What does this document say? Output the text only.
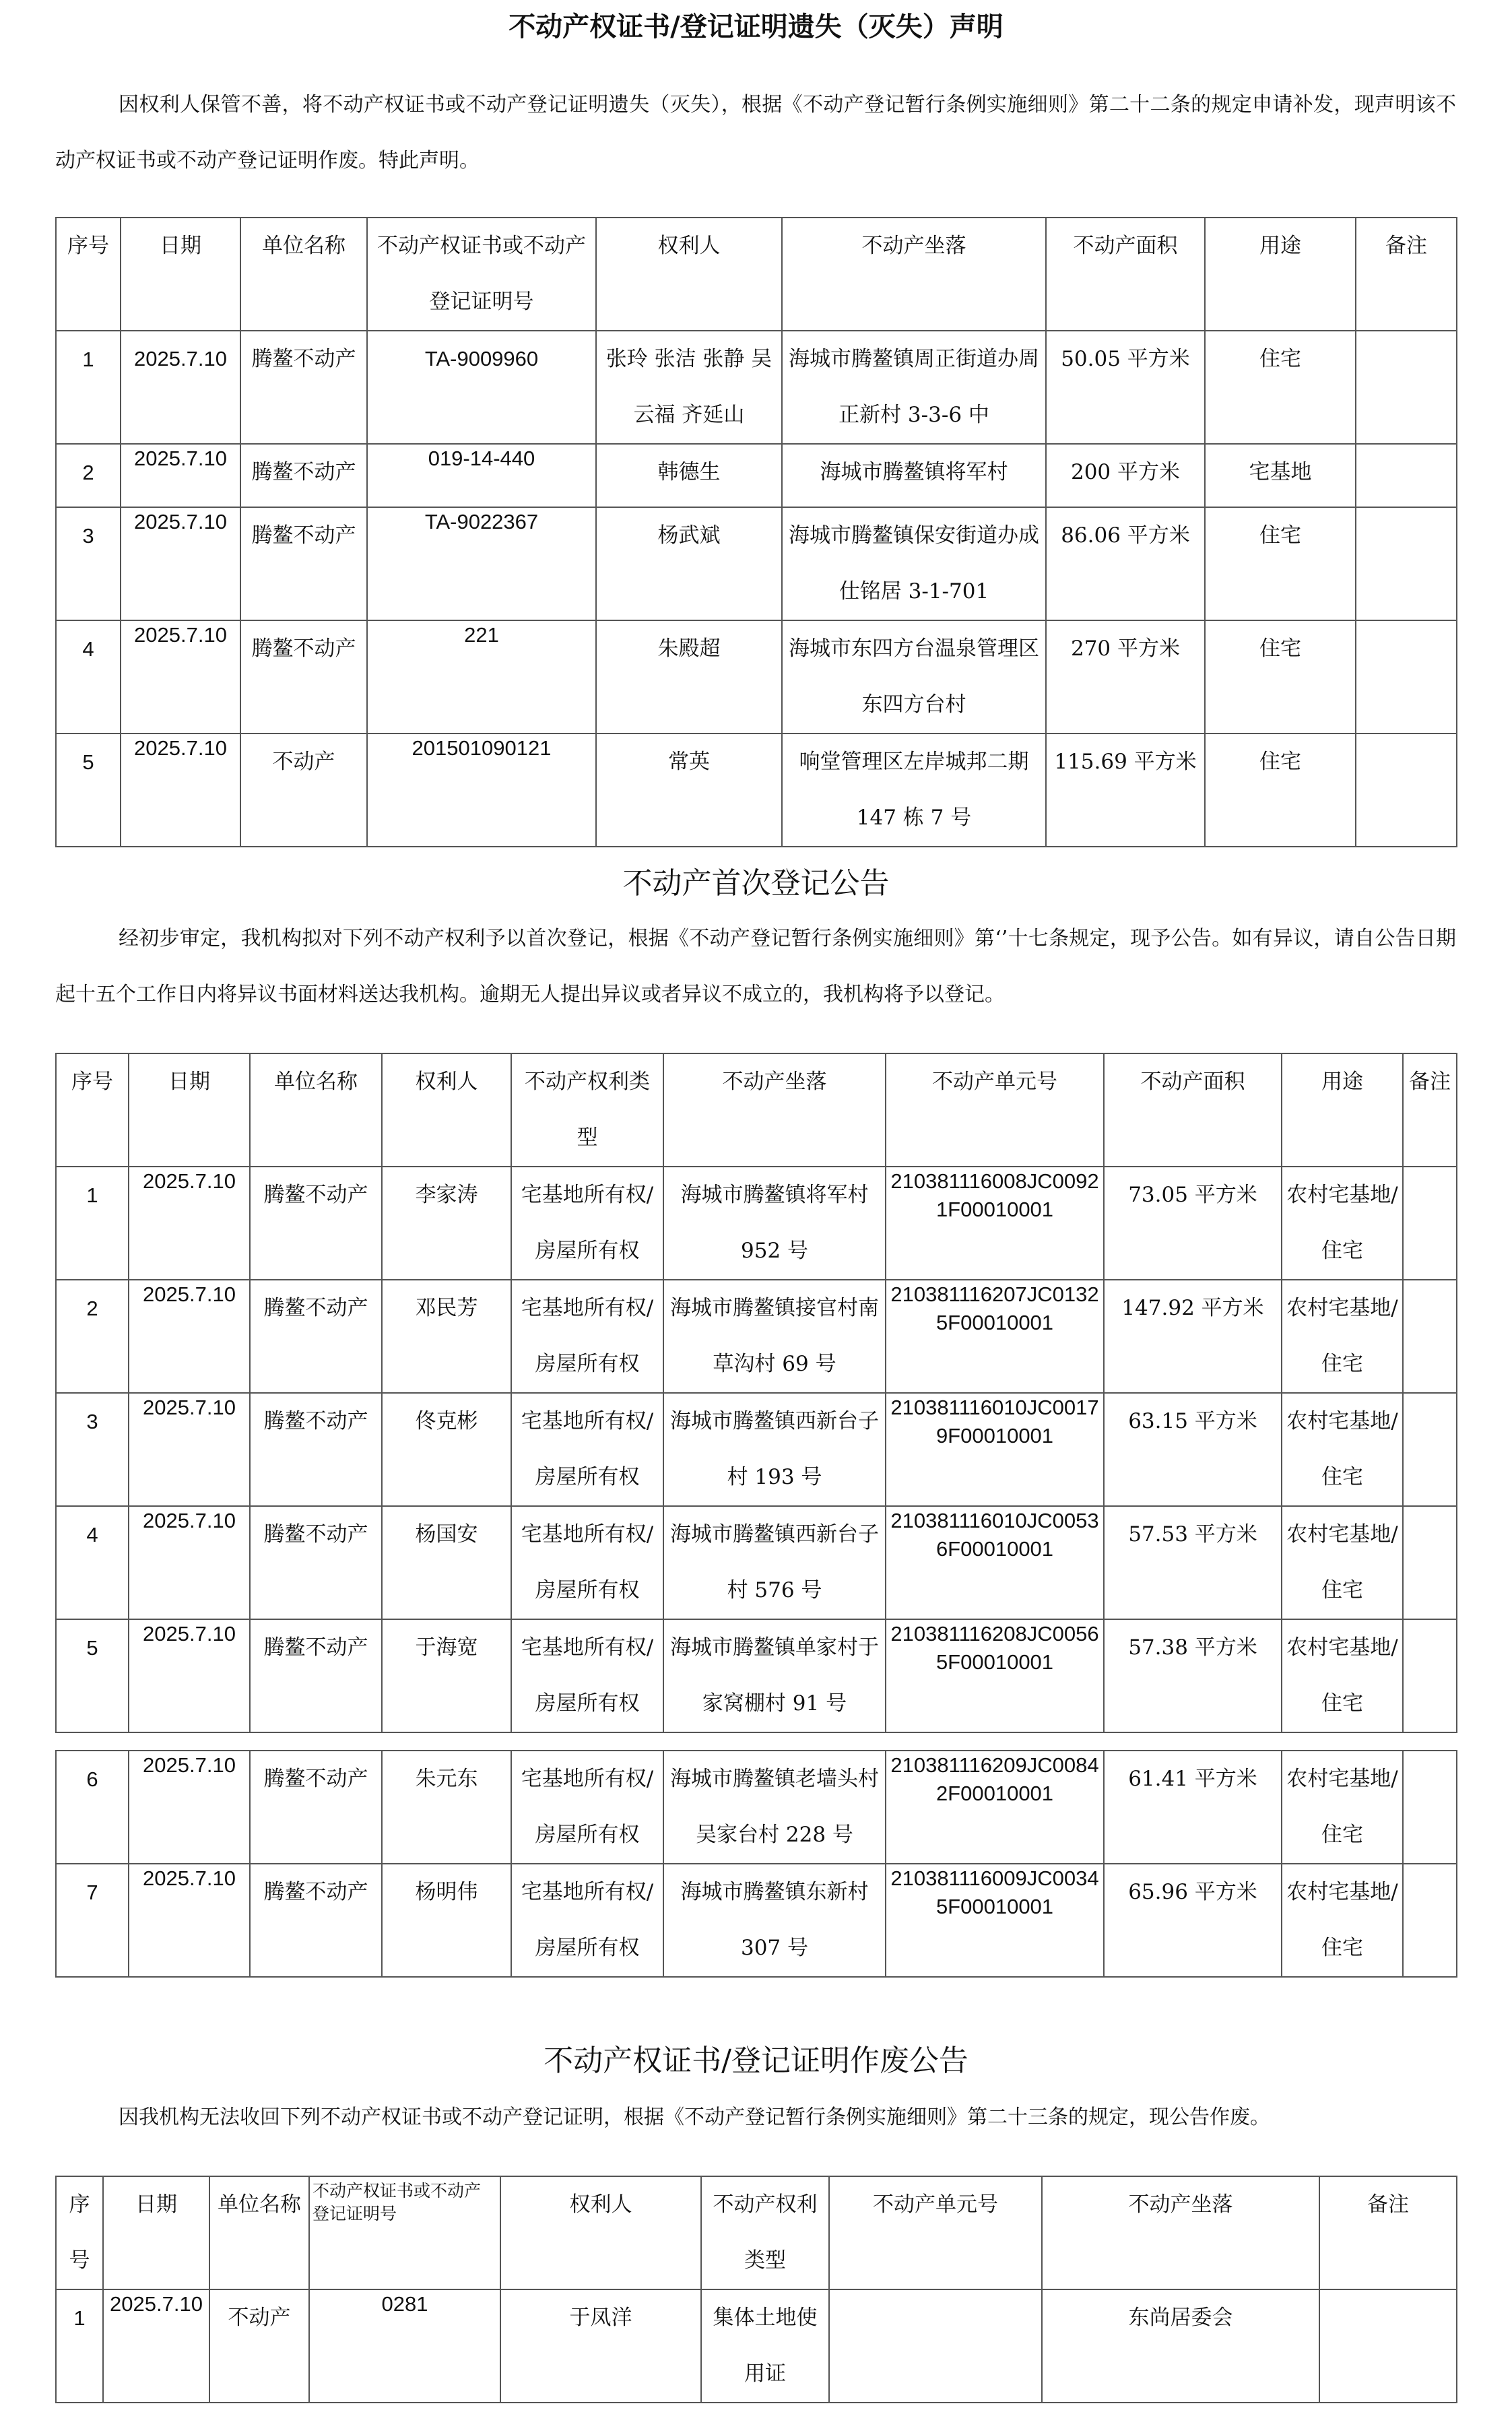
不动产权证书/登记证明遗失（灭失）声明

因权利人保管不善，将不动产权证书或不动产登记证明遗失（灭失），根据《不动产登记暂行条例实施细则》第二十二条的规定申请补发，现声明该不动产权证书或不动产登记证明作废。特此声明。

序号	日期	单位名称	不动产权证书或不动产登记证明号	权利人	不动产坐落	不动产面积	用途	备注
1	2025.7.10	腾鳌不动产	TA-9009960	张玲 张洁 张静 吴云福 齐延山	海城市腾鳌镇周正街道办周正新村 3-3-6 中	50.05 平方米	住宅	
2	2025.7.10	腾鳌不动产	019-14-440	韩德生	海城市腾鳌镇将军村	200 平方米	宅基地	
3	2025.7.10	腾鳌不动产	TA-9022367	杨武斌	海城市腾鳌镇保安街道办成仕铭居 3-1-701	86.06 平方米	住宅	
4	2025.7.10	腾鳌不动产	221	朱殿超	海城市东四方台温泉管理区东四方台村	270 平方米	住宅	
5	2025.7.10	不动产	201501090121	常英	响堂管理区左岸城邦二期 147 栋 7 号	115.69 平方米	住宅	
不动产首次登记公告

经初步审定，我机构拟对下列不动产权利予以首次登记，根据《不动产登记暂行条例实施细则》第‘’十七条规定，现予公告。如有异议，请自公告日期起十五个工作日内将异议书面材料送达我机构。逾期无人提出异议或者异议不成立的，我机构将予以登记。

序号	日期	单位名称	权利人	不动产权利类型	不动产坐落	不动产单元号	不动产面积	用途	备注
1	2025.7.10	腾鳌不动产	李家涛	宅基地所有权/房屋所有权	海城市腾鳌镇将军村952 号	210381116008JC00921F00010001	73.05 平方米	农村宅基地/住宅	
2	2025.7.10	腾鳌不动产	邓民芳	宅基地所有权/房屋所有权	海城市腾鳌镇接官村南草沟村 69 号	210381116207JC01325F00010001	147.92 平方米	农村宅基地/住宅	
3	2025.7.10	腾鳌不动产	佟克彬	宅基地所有权/房屋所有权	海城市腾鳌镇西新台子村 193 号	210381116010JC00179F00010001	63.15 平方米	农村宅基地/住宅	
4	2025.7.10	腾鳌不动产	杨国安	宅基地所有权/房屋所有权	海城市腾鳌镇西新台子村 576 号	210381116010JC00536F00010001	57.53 平方米	农村宅基地/住宅	
5	2025.7.10	腾鳌不动产	于海宽	宅基地所有权/房屋所有权	海城市腾鳌镇单家村于家窝棚村 91 号	210381116208JC00565F00010001	57.38 平方米	农村宅基地/住宅	
6	2025.7.10	腾鳌不动产	朱元东	宅基地所有权/房屋所有权	海城市腾鳌镇老墙头村吴家台村 228 号	210381116209JC00842F00010001	61.41 平方米	农村宅基地/住宅	
7	2025.7.10	腾鳌不动产	杨明伟	宅基地所有权/房屋所有权	海城市腾鳌镇东新村307 号	210381116009JC00345F00010001	65.96 平方米	农村宅基地/住宅	
不动产权证书/登记证明作废公告

因我机构无法收回下列不动产权证书或不动产登记证明，根据《不动产登记暂行条例实施细则》第二十三条的规定，现公告作废。

序号	日期	单位名称	不动产权证书或不动产登记证明号	权利人	不动产权利类型	不动产单元号	不动产坐落	备注
1	2025.7.10	不动产	0281	于凤洋	集体土地使用证		东尚居委会	
